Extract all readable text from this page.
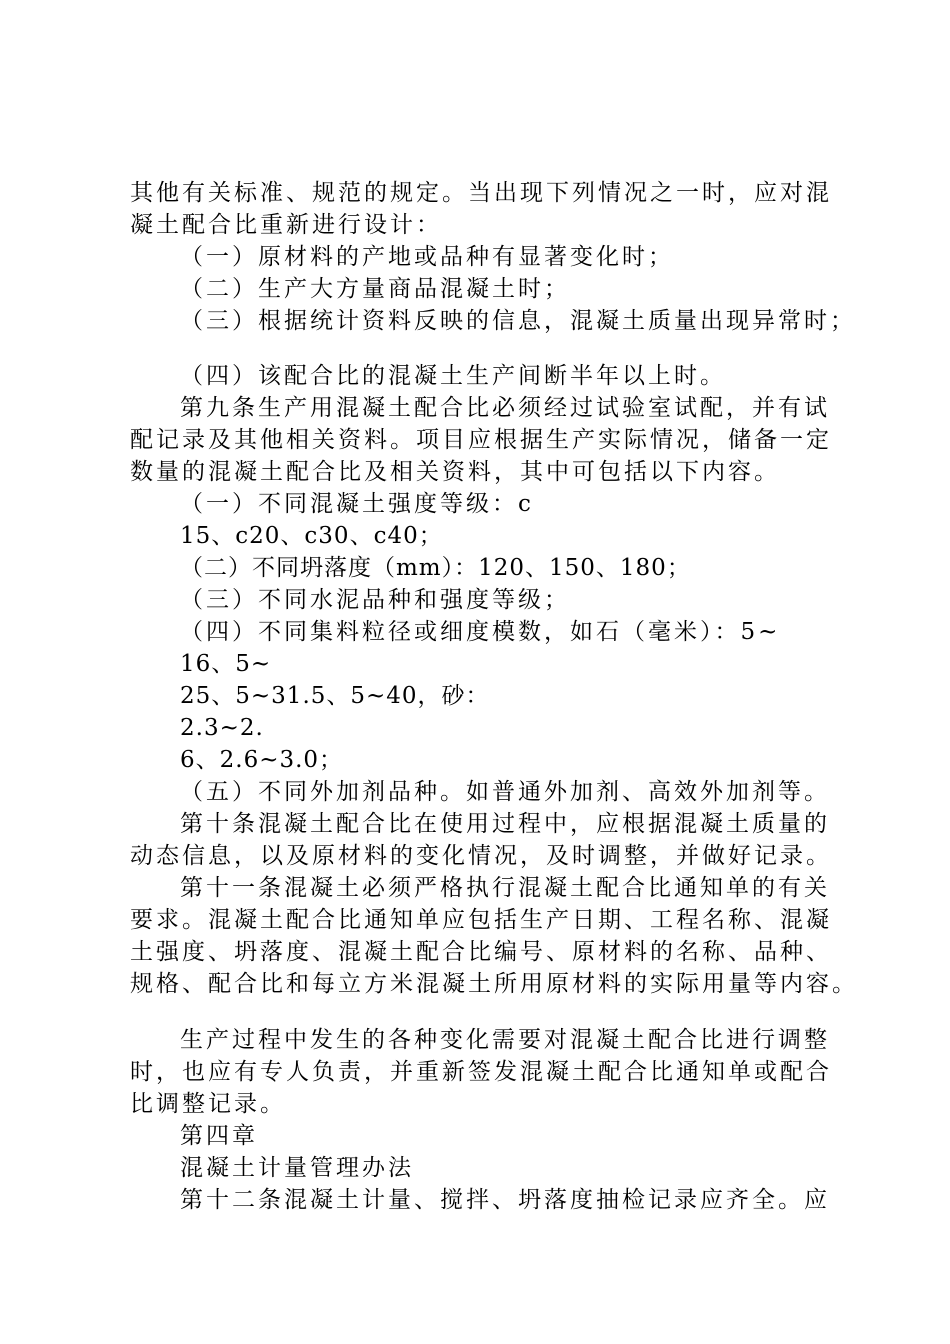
其他有关标准、规范的规定。当出现下列情况之一时，应对混
凝土配合比重新进行设计：
（一）原材料的产地或品种有显著变化时；
（二）生产大方量商品混凝土时；
（三）根据统计资料反映的信息，混凝土质量出现异常时；
（四）该配合比的混凝土生产间断半年以上时。
第九条生产用混凝土配合比必须经过试验室试配，并有试
配记录及其他相关资料。项目应根据生产实际情况，储备一定
数量的混凝土配合比及相关资料，其中可包括以下内容。
（一）不同混凝土强度等级：c
15、c20、c30、c40；
（二）不同坍落度（mm）：120、150、180；
（三）不同水泥品种和强度等级；
（四）不同集料粒径或细度模数，如石（毫米）：5~
16、5~
25、5~31.5、5~40，砂：
2.3~2.
6、2.6~3.0；
（五）不同外加剂品种。如普通外加剂、高效外加剂等。
第十条混凝土配合比在使用过程中，应根据混凝土质量的
动态信息，以及原材料的变化情况，及时调整，并做好记录。
第十一条混凝土必须严格执行混凝土配合比通知单的有关
要求。混凝土配合比通知单应包括生产日期、工程名称、混凝
土强度、坍落度、混凝土配合比编号、原材料的名称、品种、
规格、配合比和每立方米混凝土所用原材料的实际用量等内容。
生产过程中发生的各种变化需要对混凝土配合比进行调整
时，也应有专人负责，并重新签发混凝土配合比通知单或配合
比调整记录。
第四章
混凝土计量管理办法
第十二条混凝土计量、搅拌、坍落度抽检记录应齐全。应
